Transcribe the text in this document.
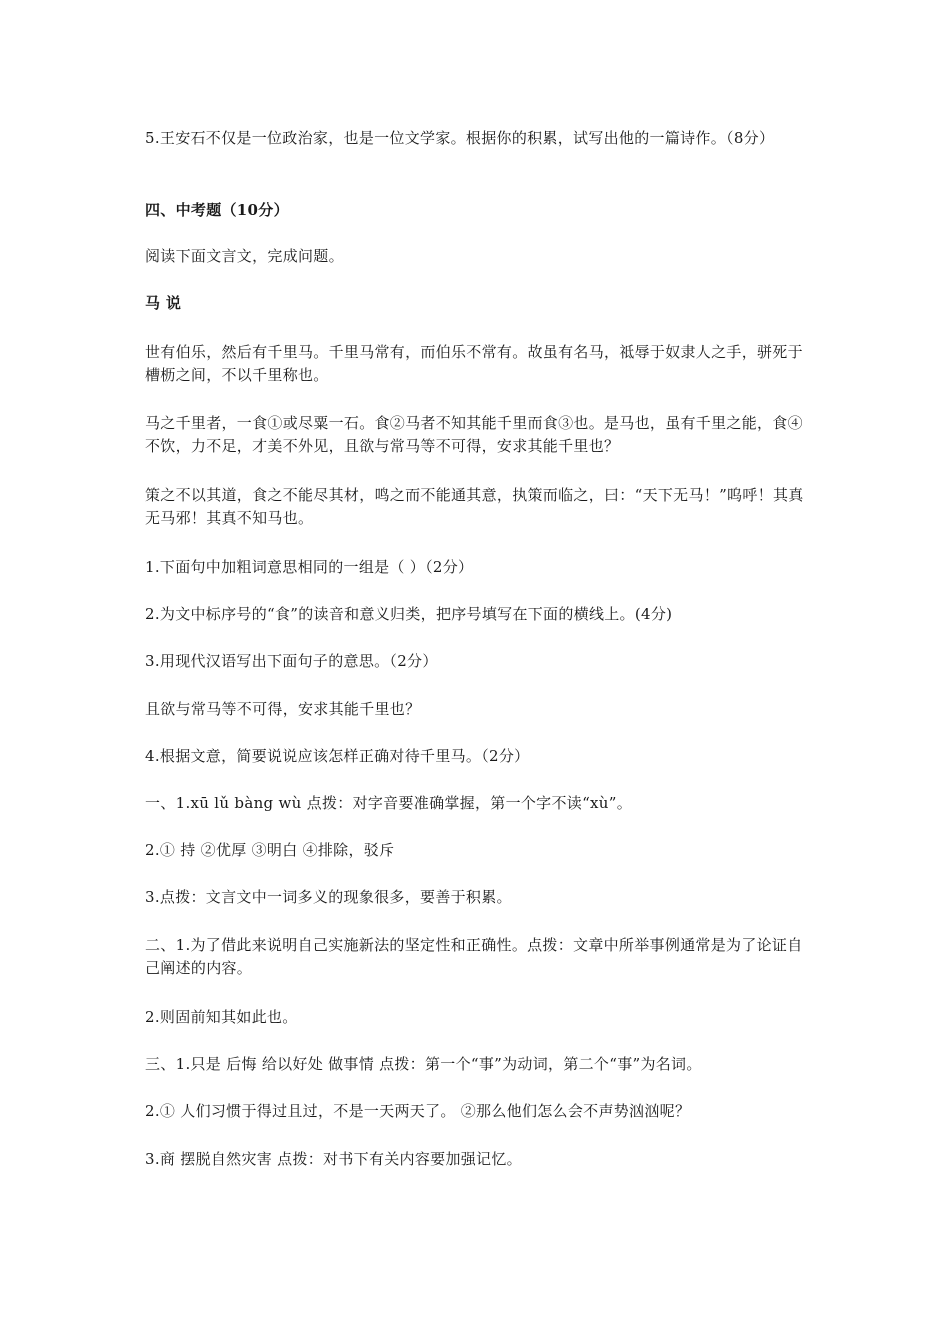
5.王安石不仅是一位政治家，也是一位文学家。根据你的积累，试写出他的一篇诗作。（8分）
四、中考题（10分）
阅读下面文言文，完成问题。
马 说
世有伯乐，然后有千里马。千里马常有，而伯乐不常有。故虽有名马，祗辱于奴隶人之手，骈死于槽枥之间，不以千里称也。
马之千里者，一食①或尽粟一石。食②马者不知其能千里而食③也。是马也，虽有千里之能，食④不饮，力不足，才美不外见，且欲与常马等不可得，安求其能千里也？
策之不以其道，食之不能尽其材，鸣之而不能通其意，执策而临之，曰：“天下无马！”呜呼！其真无马邪！其真不知马也。
1.下面句中加粗词意思相同的一组是（ ）（2分）
2.为文中标序号的“食”的读音和意义归类，把序号填写在下面的横线上。(4分)
3.用现代汉语写出下面句子的意思。（2分）
且欲与常马等不可得，安求其能千里也？
4.根据文意，简要说说应该怎样正确对待千里马。（2分）
一、1.xū lǔ bàng wù 点拨：对字音要准确掌握，第一个字不读“xù”。
2.① 持 ②优厚 ③明白 ④排除，驳斥
3.点拨：文言文中一词多义的现象很多，要善于积累。
二、1.为了借此来说明自己实施新法的坚定性和正确性。点拨：文章中所举事例通常是为了论证自己阐述的内容。
2.则固前知其如此也。
三、1.只是 后悔 给以好处 做事情 点拨：第一个“事”为动词，第二个“事”为名词。
2.① 人们习惯于得过且过，不是一天两天了。 ②那么他们怎么会不声势汹汹呢？
3.商 摆脱自然灾害 点拨：对书下有关内容要加强记忆。
